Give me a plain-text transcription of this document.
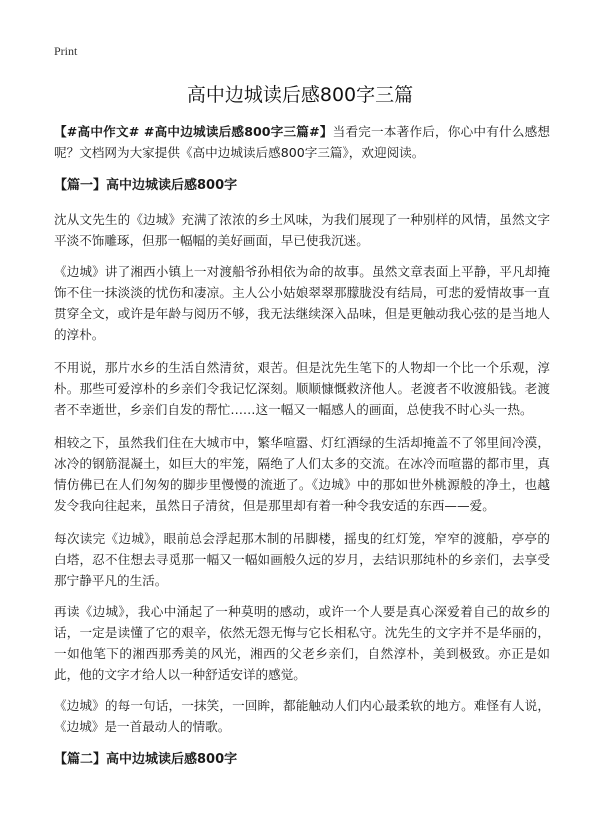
Print
高中边城读后感800字三篇

【#高中作文# #高中边城读后感800字三篇#】当看完一本著作后，你心中有什么感想呢？文档网为大家提供《高中边城读后感800字三篇》，欢迎阅读。

【篇一】高中边城读后感800字

沈从文先生的《边城》充满了浓浓的乡土风味，为我们展现了一种别样的风情，虽然文字平淡不饰雕琢，但那一幅幅的美好画面，早已使我沉迷。

《边城》讲了湘西小镇上一对渡船爷孙相依为命的故事。虽然文章表面上平静，平凡却掩饰不住一抹淡淡的忧伤和凄凉。主人公小姑娘翠翠那朦胧没有结局，可悲的爱情故事一直贯穿全文，或许是年龄与阅历不够，我无法继续深入品味，但是更触动我心弦的是当地人的淳朴。

不用说，那片水乡的生活自然清贫，艰苦。但是沈先生笔下的人物却一个比一个乐观，淳朴。那些可爱淳朴的乡亲们令我记忆深刻。顺顺慷慨救济他人。老渡者不收渡船钱。老渡者不幸逝世，乡亲们自发的帮忙……这一幅又一幅感人的画面，总使我不时心头一热。

相较之下，虽然我们住在大城市中，繁华喧嚣、灯红酒绿的生活却掩盖不了邻里间冷漠，冰冷的钢筋混凝土，如巨大的牢笼，隔绝了人们太多的交流。在冰冷而喧嚣的都市里，真情仿佛已在人们匆匆的脚步里慢慢的流逝了。《边城》中的那如世外桃源般的净土，也越发令我向往起来，虽然日子清贫，但是那里却有着一种令我安适的东西——爱。

每次读完《边城》，眼前总会浮起那木制的吊脚楼，摇曳的红灯笼，窄窄的渡船，亭亭的白塔，忍不住想去寻觅那一幅又一幅如画般久远的岁月，去结识那纯朴的乡亲们，去享受那宁静平凡的生活。

再读《边城》，我心中涌起了一种莫明的感动，或许一个人要是真心深爱着自己的故乡的话，一定是读懂了它的艰辛，依然无怨无悔与它长相私守。沈先生的文字并不是华丽的，一如他笔下的湘西那秀美的风光，湘西的父老乡亲们，自然淳朴，美到极致。亦正是如此，他的文字才给人以一种舒适安详的感觉。

《边城》的每一句话，一抹笑，一回眸，都能触动人们内心最柔软的地方。难怪有人说，《边城》是一首最动人的情歌。

【篇二】高中边城读后感800字
